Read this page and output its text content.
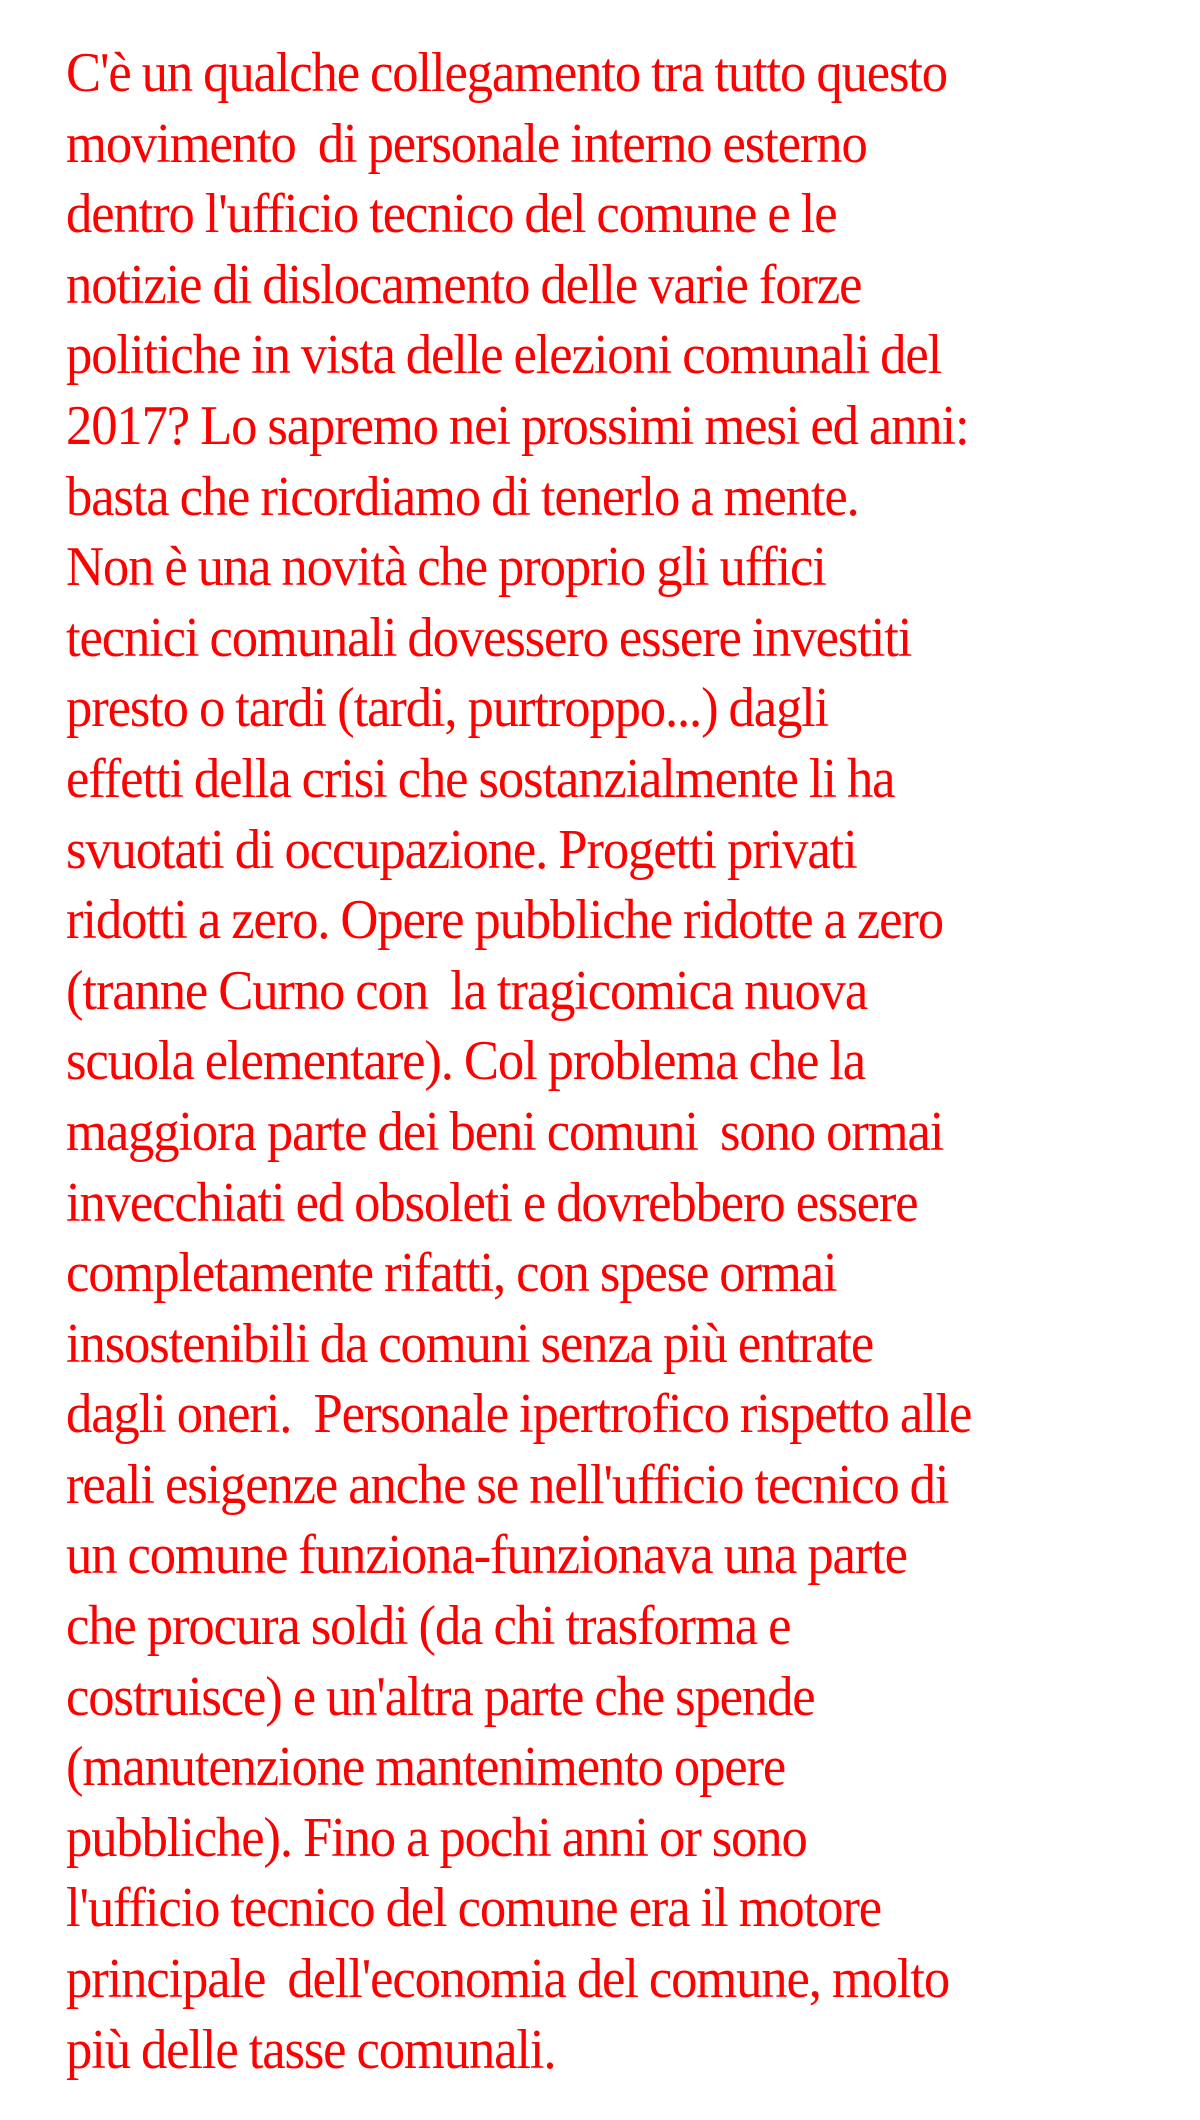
C'è un qualche collegamento tra tutto questo
movimento  di personale interno esterno
dentro l'ufficio tecnico del comune e le
notizie di dislocamento delle varie forze
politiche in vista delle elezioni comunali del
2017? Lo sapremo nei prossimi mesi ed anni:
basta che ricordiamo di tenerlo a mente.
Non è una novità che proprio gli uffici
tecnici comunali dovessero essere investiti
presto o tardi (tardi, purtroppo...) dagli
effetti della crisi che sostanzialmente li ha
svuotati di occupazione. Progetti privati
ridotti a zero. Opere pubbliche ridotte a zero
(tranne Curno con  la tragicomica nuova
scuola elementare). Col problema che la
maggiora parte dei beni comuni  sono ormai
invecchiati ed obsoleti e dovrebbero essere
completamente rifatti, con spese ormai
insostenibili da comuni senza più entrate
dagli oneri.  Personale ipertrofico rispetto alle
reali esigenze anche se nell'ufficio tecnico di
un comune funziona-funzionava una parte
che procura soldi (da chi trasforma e
costruisce) e un'altra parte che spende
(manutenzione mantenimento opere
pubbliche). Fino a pochi anni or sono
l'ufficio tecnico del comune era il motore
principale  dell'economia del comune, molto
più delle tasse comunali.
